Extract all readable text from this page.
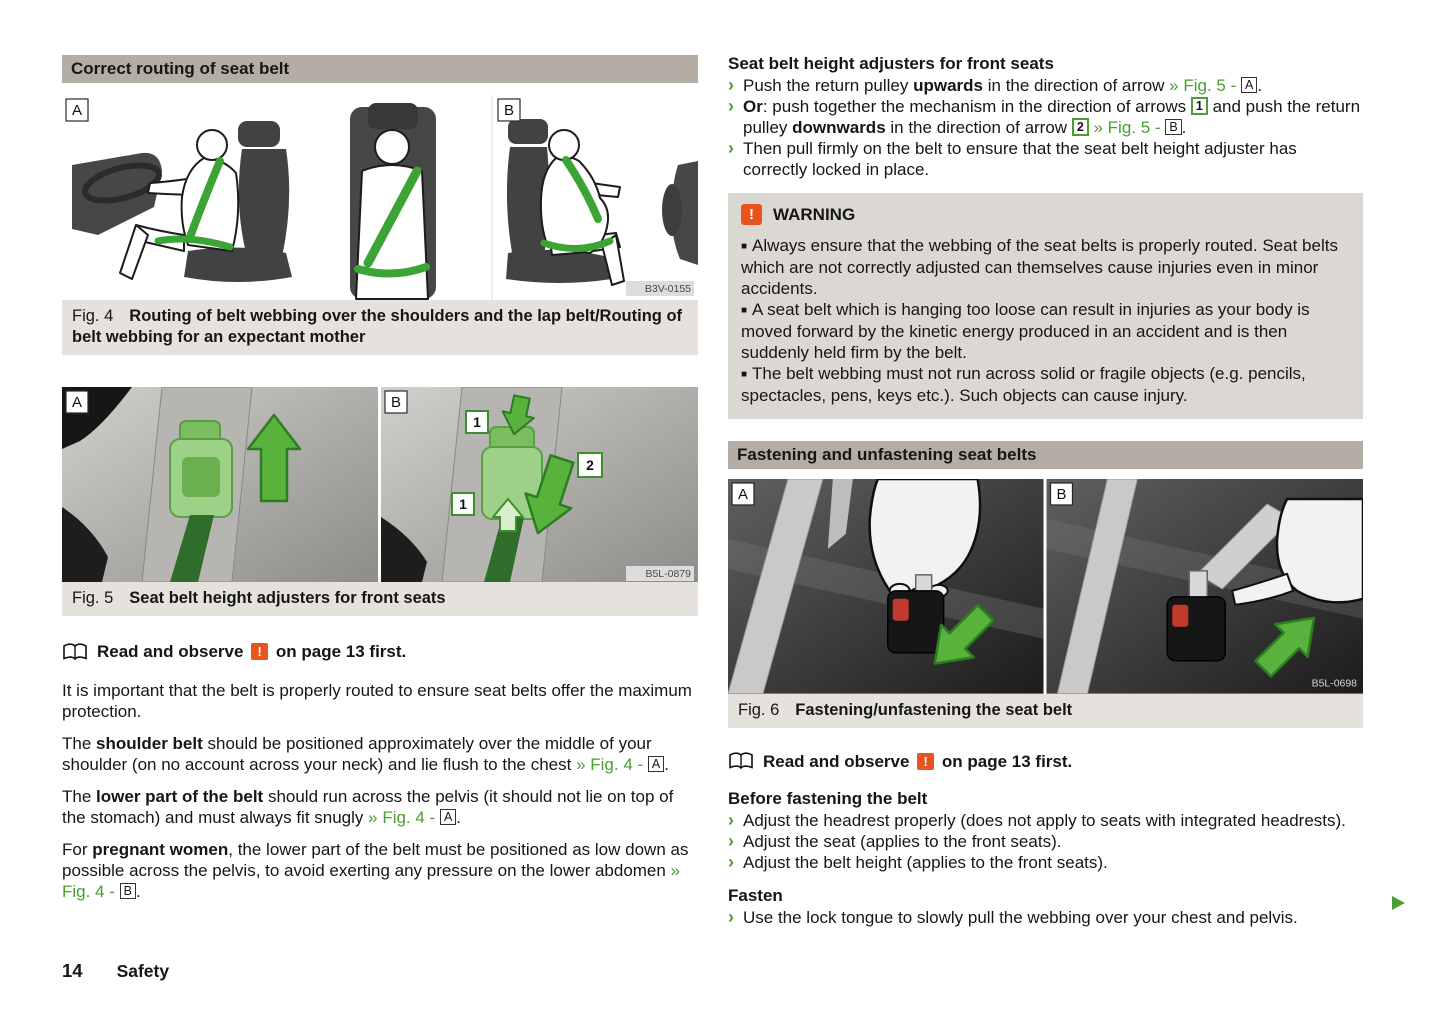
Correct routing of seat belt
A	B
B3V-0155
Fig. 4 Routing of belt webbing over the shoulders and the lap belt/Routing of belt webbing for an expectant mother
A
1
1
2
B
B5L-0879
Fig. 5 Seat belt height adjusters for front seats
Read and observe ! on page 13 first.
It is important that the belt is properly routed to ensure seat belts offer the maximum protection.
The shoulder belt should be positioned approximately over the middle of your shoulder (on no account across your neck) and lie flush to the chest » Fig. 4 - A .
The lower part of the belt should run across the pelvis (it should not lie on top of the stomach) and must always fit snugly » Fig. 4 - A .
For pregnant women, the lower part of the belt must be positioned as low down as possible across the pelvis, to avoid exerting any pressure on the lower abdomen » Fig. 4 - B .
Seat belt height adjusters for front seats
› Push the return pulley upwards in the direction of arrow » Fig. 5 - A .
› Or: push together the mechanism in the direction of arrows 1 and push the return pulley downwards in the direction of arrow 2 » Fig. 5 - B .
› Then pull firmly on the belt to ensure that the seat belt height adjuster has correctly locked in place.
!	WARNING
■ Always ensure that the webbing of the seat belts is properly routed. Seat belts which are not correctly adjusted can themselves cause injuries even in minor accidents.
■ A seat belt which is hanging too loose can result in injuries as your body is moved forward by the kinetic energy produced in an accident and is then suddenly held firm by the belt.
■ The belt webbing must not run across solid or fragile objects (e.g. pencils, spectacles, pens, keys etc.). Such objects can cause injury.
Fastening and unfastening seat belts
A	B
B5L-0698
Fig. 6 Fastening/unfastening the seat belt
Read and observe ! on page 13 first.
Before fastening the belt
› Adjust the headrest properly (does not apply to seats with integrated headrests).
› Adjust the seat (applies to the front seats).
› Adjust the belt height (applies to the front seats).
Fasten
› Use the lock tongue to slowly pull the webbing over your chest and pelvis.
14 Safety
